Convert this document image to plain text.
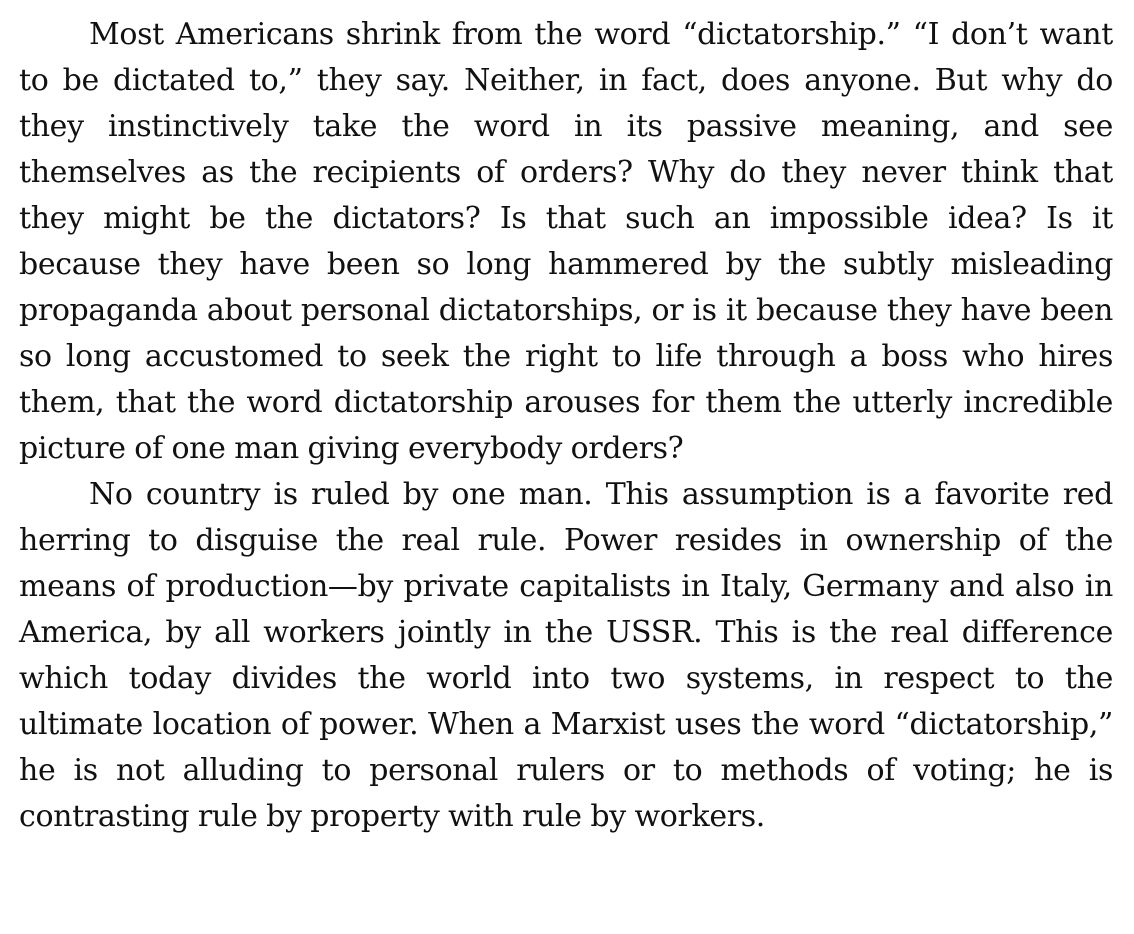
Most Americans shrink from the word “dictatorship.” “I don’t want to be dictated to,” they say. Neither, in fact, does anyone. But why do they instinctively take the word in its passive meaning, and see themselves as the recipients of orders? Why do they never think that they might be the dictators? Is that such an impossible idea? Is it because they have been so long hammered by the subtly misleading propaganda about personal dictatorships, or is it because they have been so long accustomed to seek the right to life through a boss who hires them, that the word dictatorship arouses for them the utterly incredible picture of one man giving everybody orders?

No country is ruled by one man. This assumption is a favorite red herring to disguise the real rule. Power resides in ownership of the means of production—by private capitalists in Italy, Germany and also in America, by all workers jointly in the USSR. This is the real difference which today divides the world into two systems, in respect to the ultimate location of power. When a Marxist uses the word “dictatorship,” he is not alluding to personal rulers or to methods of voting; he is contrasting rule by property with rule by workers.
